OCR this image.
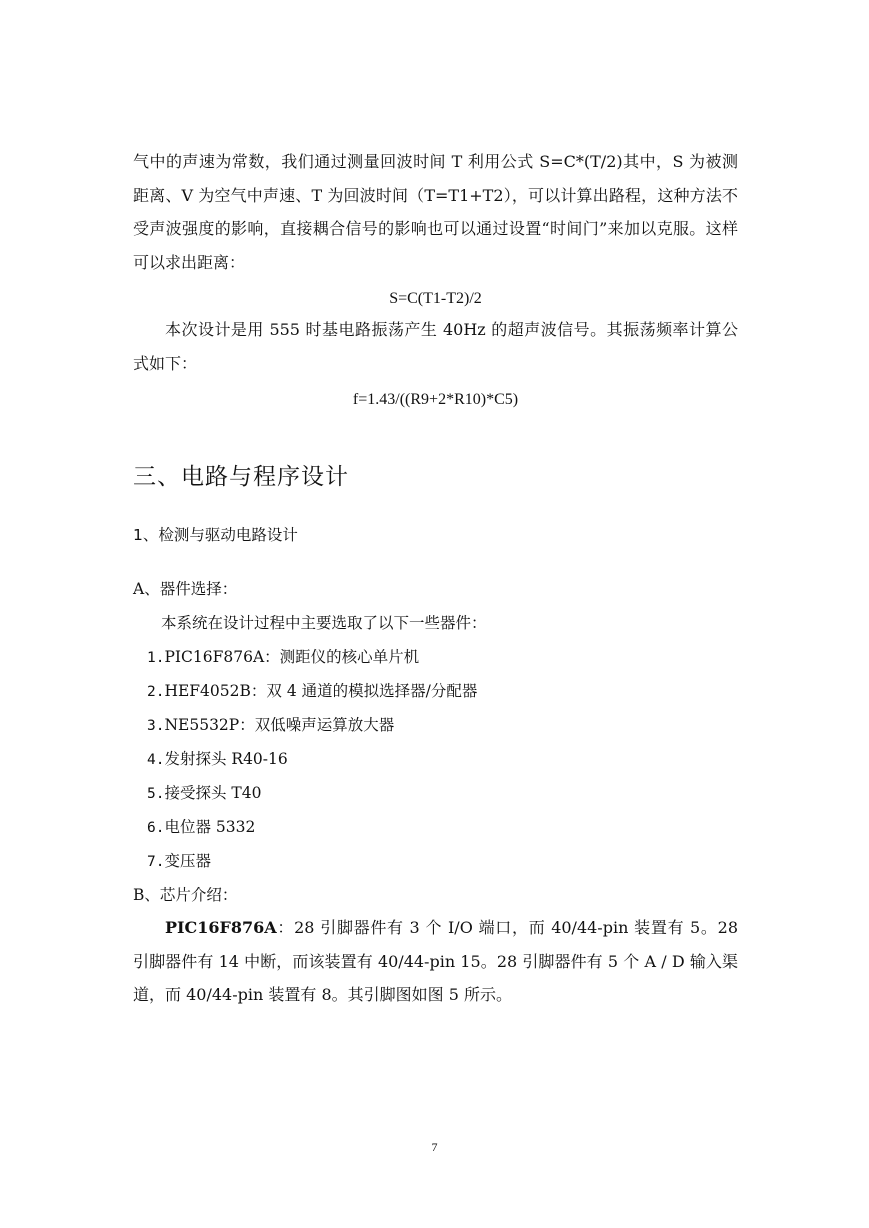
气中的声速为常数，我们通过测量回波时间 T 利用公式 S=C*(T/2)其中，S 为被测距离、V 为空气中声速、T 为回波时间（T=T1+T2），可以计算出路程，这种方法不受声波强度的影响，直接耦合信号的影响也可以通过设置“时间门”来加以克服。这样可以求出距离：

S=C(T1-T2)/2

本次设计是用 555 时基电路振荡产生 40Hz 的超声波信号。其振荡频率计算公式如下：

f=1.43/((R9+2*R10)*C5)

三、电路与程序设计
1、检测与驱动电路设计

A、器件选择：

本系统在设计过程中主要选取了以下一些器件：

1.PIC16F876A：测距仪的核心单片机

2.HEF4052B：双 4 通道的模拟选择器/分配器

3.NE5532P：双低噪声运算放大器

4.发射探头 R40-16

5.接受探头 T40

6.电位器 5332

7.变压器

B、芯片介绍：

PIC16F876A：28 引脚器件有 3 个 I/O 端口，而 40/44-pin 装置有 5。28 引脚器件有 14 中断，而该装置有 40/44-pin 15。28 引脚器件有 5 个 A / D 输入渠道，而 40/44-pin 装置有 8。其引脚图如图 5 所示。

7
